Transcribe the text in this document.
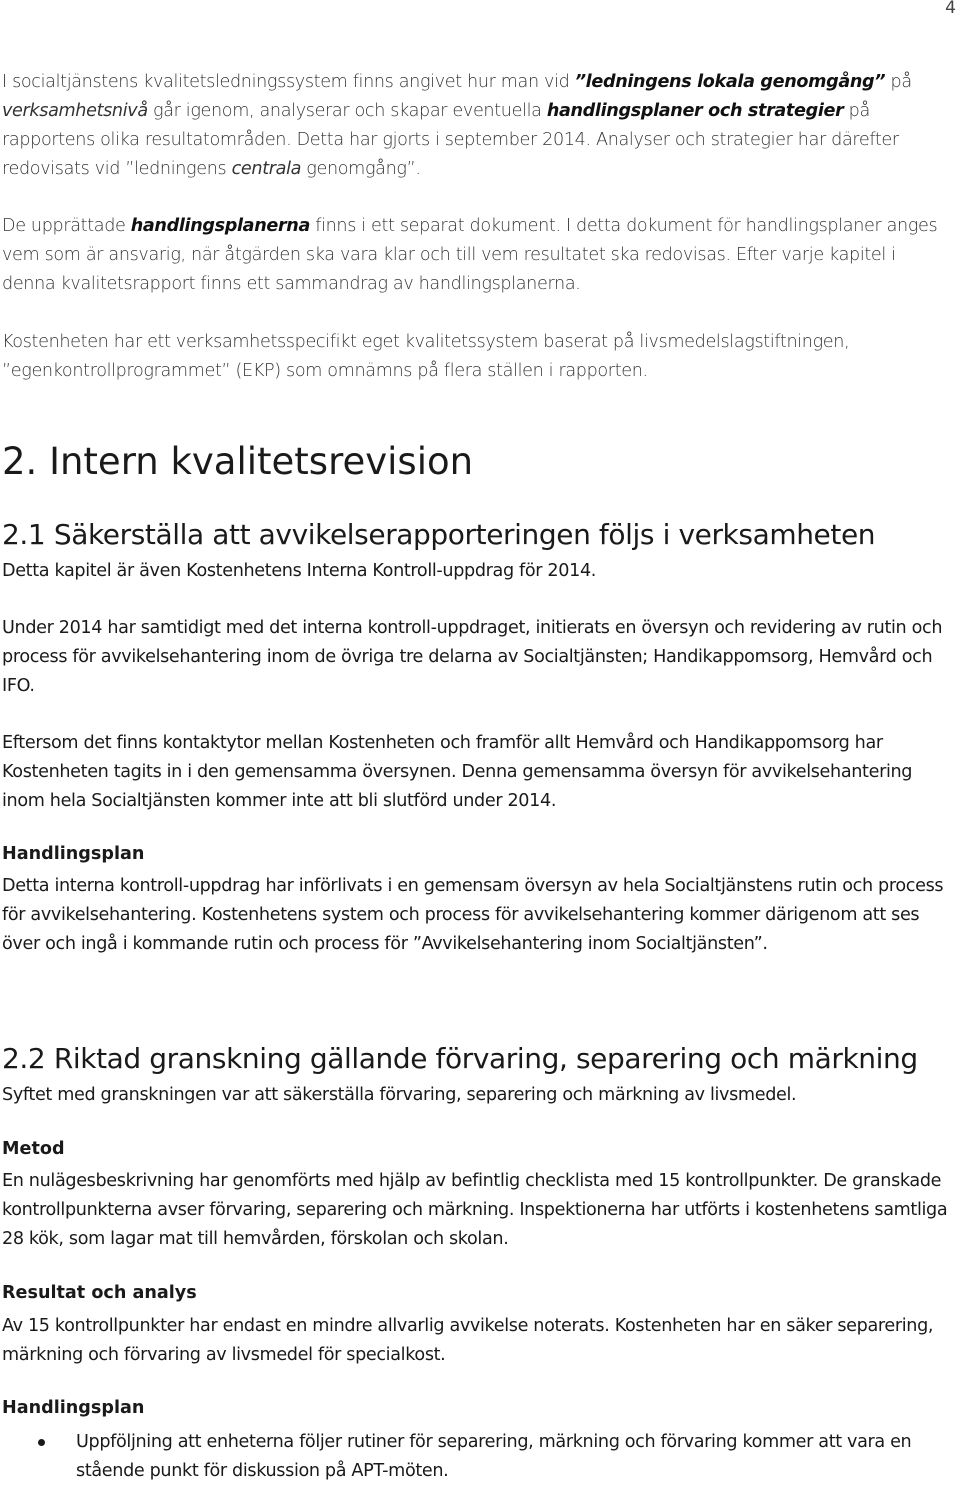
4

I socialtjänstens kvalitetsledningssystem finns angivet hur man vid ”ledningens lokala genomgång” på verksamhetsnivå går igenom, analyserar och skapar eventuella handlingsplaner och strategier på rapportens olika resultatområden. Detta har gjorts i september 2014. Analyser och strategier har därefter redovisats vid ”ledningens centrala genomgång”.

De upprättade handlingsplanerna finns i ett separat dokument. I detta dokument för handlingsplaner anges vem som är ansvarig, när åtgärden ska vara klar och till vem resultatet ska redovisas. Efter varje kapitel i denna kvalitetsrapport finns ett sammandrag av handlingsplanerna.

Kostenheten har ett verksamhetsspecifikt eget kvalitetssystem baserat på livsmedelslagstiftningen, ”egenkontrollprogrammet” (EKP) som omnämns på flera ställen i rapporten.

2. Intern kvalitetsrevision
2.1 Säkerställa att avvikelserapporteringen följs i verksamheten

Detta kapitel är även Kostenhetens Interna Kontroll-uppdrag för 2014.

Under 2014 har samtidigt med det interna kontroll-uppdraget, initierats en översyn och revidering av rutin och process för avvikelsehantering inom de övriga tre delarna av Socialtjänsten; Handikappomsorg, Hemvård och IFO.

Eftersom det finns kontaktytor mellan Kostenheten och framför allt Hemvård och Handikappomsorg har Kostenheten tagits in i den gemensamma översynen. Denna gemensamma översyn för avvikelsehantering inom hela Socialtjänsten kommer inte att bli slutförd under 2014.

Handlingsplan

Detta interna kontroll-uppdrag har införlivats i en gemensam översyn av hela Socialtjänstens rutin och process för avvikelsehantering. Kostenhetens system och process för avvikelsehantering kommer därigenom att ses över och ingå i kommande rutin och process för ”Avvikelsehantering inom Socialtjänsten”.

2.2 Riktad granskning gällande förvaring, separering och märkning

Syftet med granskningen var att säkerställa förvaring, separering och märkning av livsmedel.

Metod

En nulägesbeskrivning har genomförts med hjälp av befintlig checklista med 15 kontrollpunkter. De granskade kontrollpunkterna avser förvaring, separering och märkning. Inspektionerna har utförts i kostenhetens samtliga 28 kök, som lagar mat till hemvården, förskolan och skolan.

Resultat och analys

Av 15 kontrollpunkter har endast en mindre allvarlig avvikelse noterats. Kostenheten har en säker separering, märkning och förvaring av livsmedel för specialkost.

Handlingsplan
Uppföljning att enheterna följer rutiner för separering, märkning och förvaring kommer att vara en stående punkt för diskussion på APT-möten.
